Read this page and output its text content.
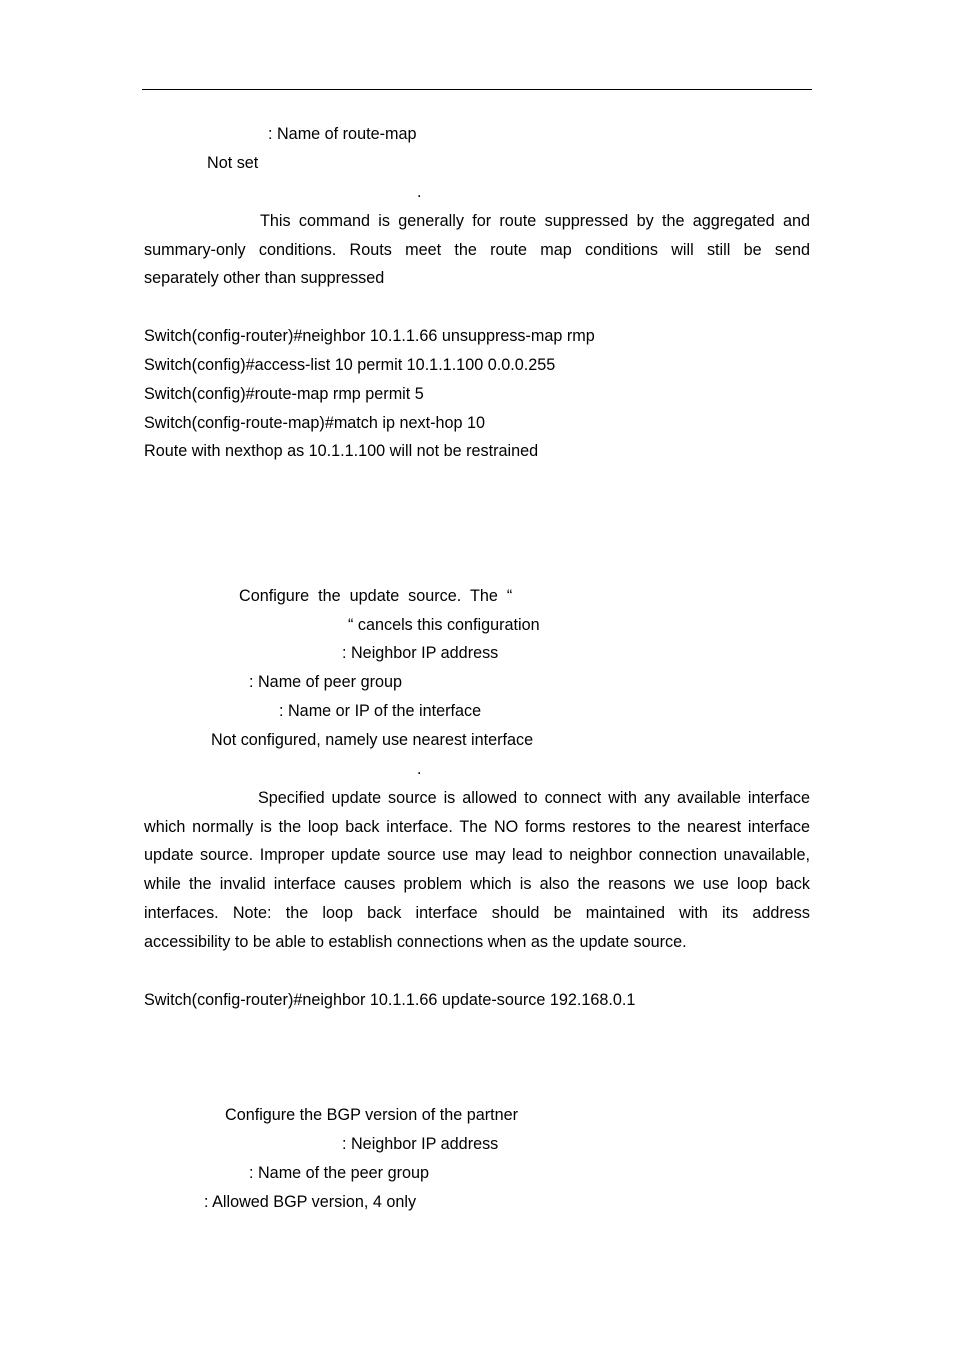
: Name of route-map
Not set
.
This command is generally for route suppressed by the aggregated and
summary-only conditions. Routs meet the route map conditions will still be send
separately other than suppressed
Switch(config-router)#neighbor 10.1.1.66 unsuppress-map rmp
Switch(config)#access-list 10 permit 10.1.1.100 0.0.0.255
Switch(config)#route-map rmp permit 5
Switch(config-route-map)#match ip next-hop 10
Route with nexthop as 10.1.1.100 will not be restrained
Configure  the  update  source.  The  “
“ cancels this configuration
: Neighbor IP address
: Name of peer group
: Name or IP of the interface
Not configured, namely use nearest interface
.
Specified update source is allowed to connect with any available interface
which normally is the loop back interface. The NO forms restores to the nearest interface
update source. Improper update source use may lead to neighbor connection unavailable,
while the invalid interface causes problem which is also the reasons we use loop back
interfaces. Note: the loop back interface should be maintained with its address
accessibility to be able to establish connections when as the update source.
Switch(config-router)#neighbor 10.1.1.66 update-source 192.168.0.1
Configure the BGP version of the partner
: Neighbor IP address
: Name of the peer group
: Allowed BGP version, 4 only
